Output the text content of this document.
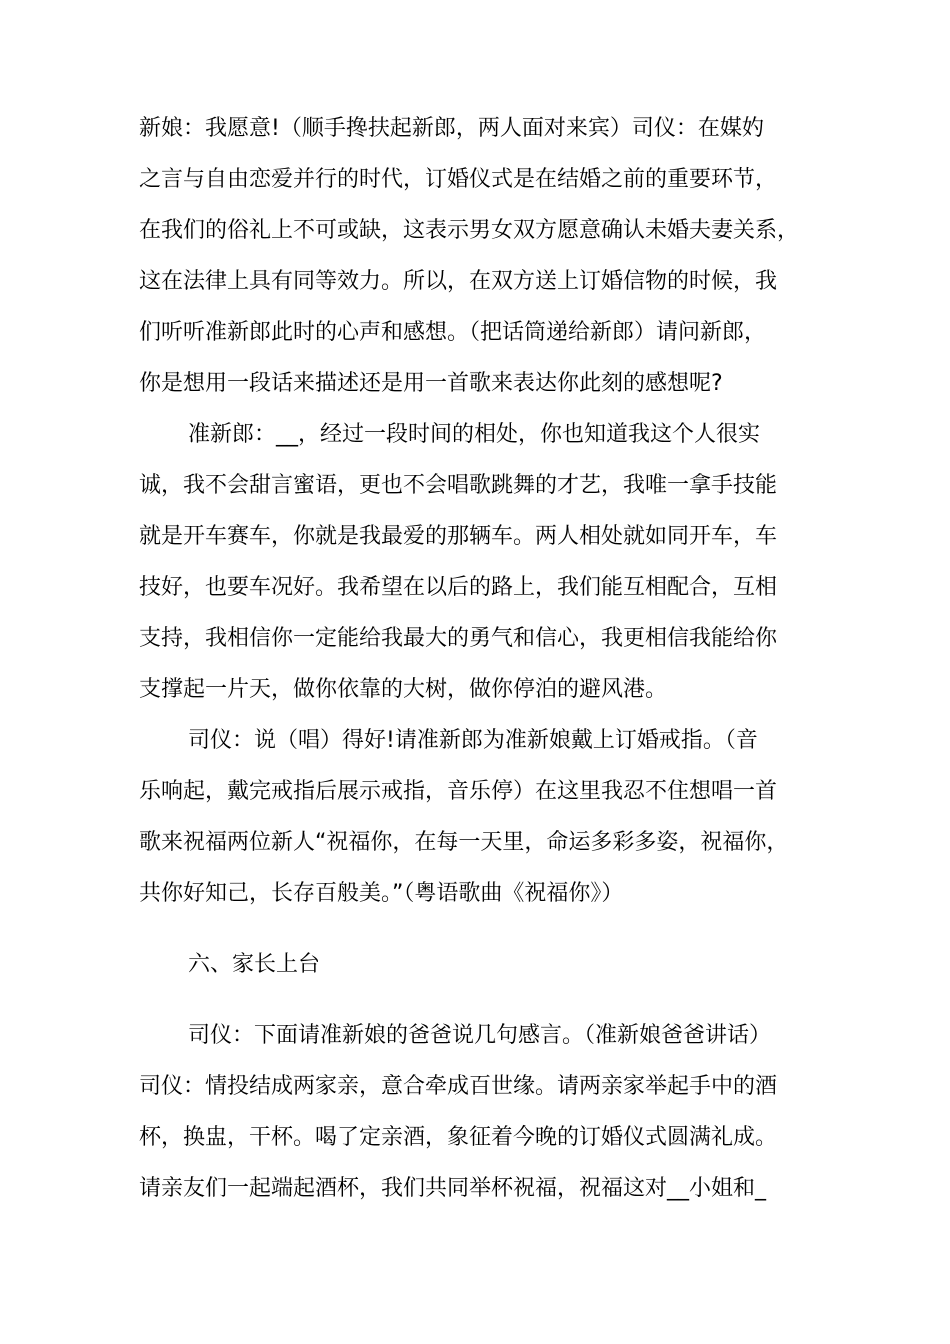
新娘：我愿意!（顺手搀扶起新郎，两人面对来宾）司仪：在媒妁
之言与自由恋爱并行的时代，订婚仪式是在结婚之前的重要环节，
在我们的俗礼上不可或缺，这表示男女双方愿意确认未婚夫妻关系，
这在法律上具有同等效力。所以，在双方送上订婚信物的时候，我
们听听准新郎此时的心声和感想。（把话筒递给新郎）请问新郎，
你是想用一段话来描述还是用一首歌来表达你此刻的感想呢?
准新郎：__，经过一段时间的相处，你也知道我这个人很实
诚，我不会甜言蜜语，更也不会唱歌跳舞的才艺，我唯一拿手技能
就是开车赛车，你就是我最爱的那辆车。两人相处就如同开车，车
技好，也要车况好。我希望在以后的路上，我们能互相配合，互相
支持，我相信你一定能给我最大的勇气和信心，我更相信我能给你
支撑起一片天，做你依靠的大树，做你停泊的避风港。
司仪：说（唱）得好!请准新郎为准新娘戴上订婚戒指。（音
乐响起，戴完戒指后展示戒指，音乐停）在这里我忍不住想唱一首
歌来祝福两位新人“祝福你，在每一天里，命运多彩多姿，祝福你，
共你好知己，长存百般美。”（粤语歌曲《祝福你》）
六、家长上台
司仪：下面请准新娘的爸爸说几句感言。（准新娘爸爸讲话）
司仪：情投结成两家亲，意合牵成百世缘。请两亲家举起手中的酒
杯，换盅，干杯。喝了定亲酒，象征着今晚的订婚仪式圆满礼成。
请亲友们一起端起酒杯，我们共同举杯祝福，祝福这对__小姐和_
